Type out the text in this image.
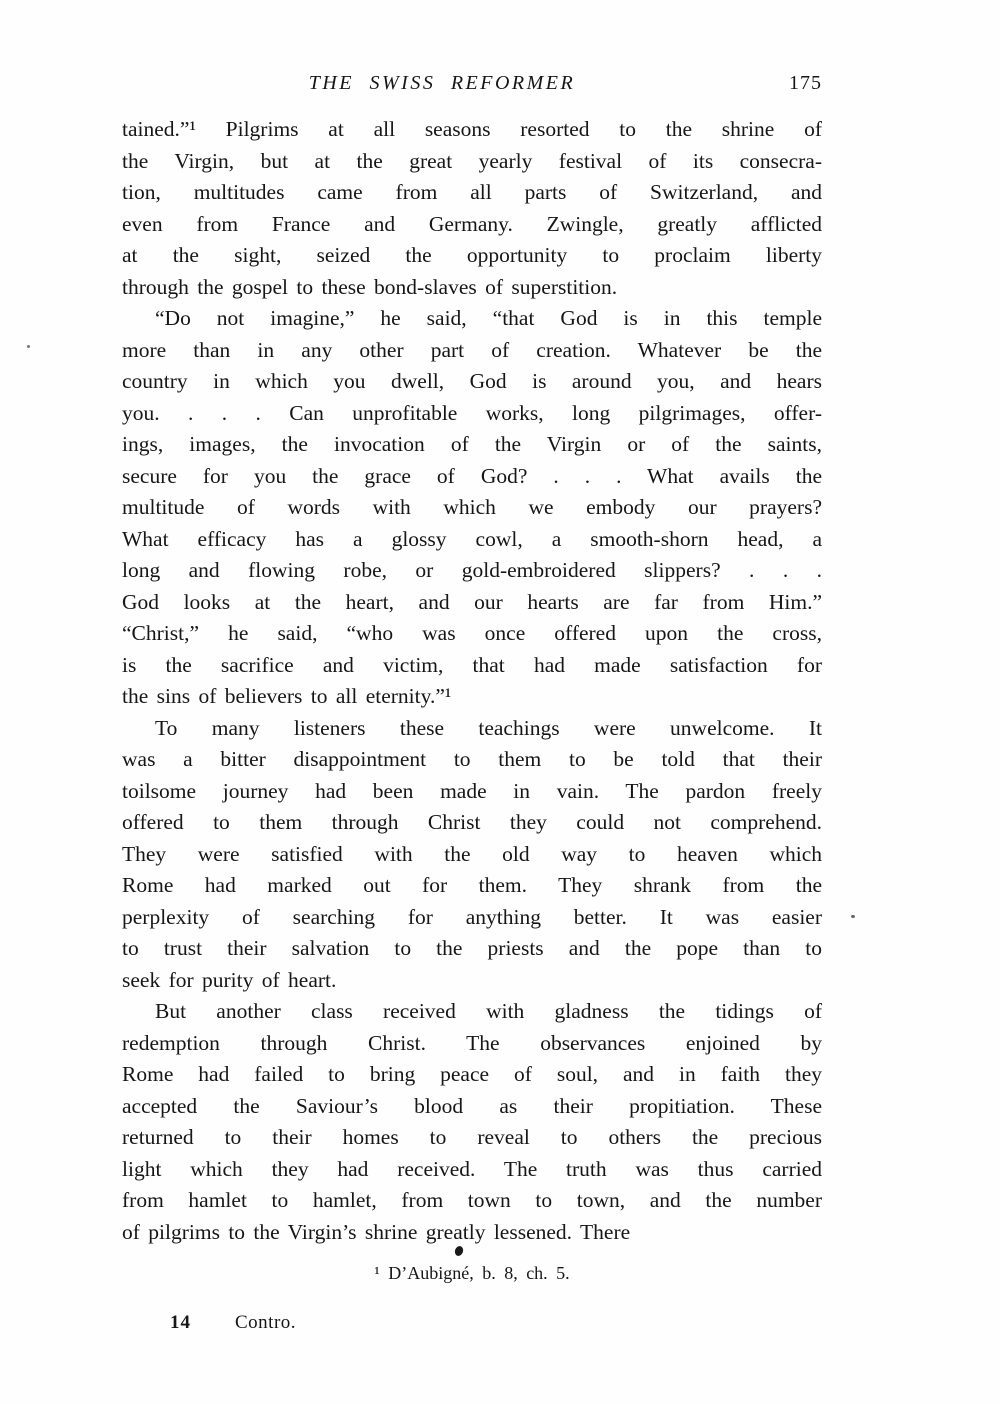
THE SWISS REFORMER	175
tained.”¹ Pilgrims at all seasons resorted to the shrine of
the Virgin, but at the great yearly festival of its consecra-
tion, multitudes came from all parts of Switzerland, and
even from France and Germany. Zwingle, greatly afflicted
at the sight, seized the opportunity to proclaim liberty
through the gospel to these bond-slaves of superstition.
“Do not imagine,” he said, “that God is in this temple
more than in any other part of creation. Whatever be the
country in which you dwell, God is around you, and hears
you. . . . Can unprofitable works, long pilgrimages, offer-
ings, images, the invocation of the Virgin or of the saints,
secure for you the grace of God? . . . What avails the
multitude of words with which we embody our prayers?
What efficacy has a glossy cowl, a smooth-shorn head, a
long and flowing robe, or gold-embroidered slippers? . . .
God looks at the heart, and our hearts are far from Him.”
“Christ,” he said, “who was once offered upon the cross,
is the sacrifice and victim, that had made satisfaction for
the sins of believers to all eternity.”¹
To many listeners these teachings were unwelcome. It
was a bitter disappointment to them to be told that their
toilsome journey had been made in vain. The pardon freely
offered to them through Christ they could not comprehend.
They were satisfied with the old way to heaven which
Rome had marked out for them. They shrank from the
perplexity of searching for anything better. It was easier
to trust their salvation to the priests and the pope than to
seek for purity of heart.
But another class received with gladness the tidings of
redemption through Christ. The observances enjoined by
Rome had failed to bring peace of soul, and in faith they
accepted the Saviour’s blood as their propitiation. These
returned to their homes to reveal to others the precious
light which they had received. The truth was thus carried
from hamlet to hamlet, from town to town, and the number
of pilgrims to the Virgin’s shrine greatly lessened. There
¹ D’Aubigné, b. 8, ch. 5.
14 Contro.
